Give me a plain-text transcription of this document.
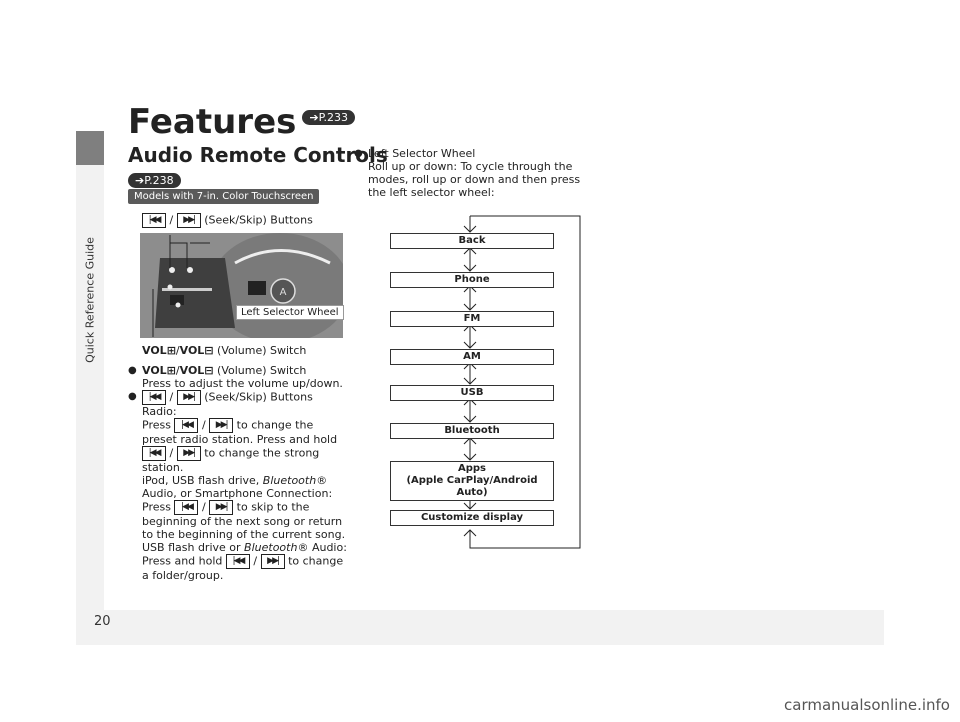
Quick Reference Guide
20
Features ➔P.233
Audio Remote Controls
➔P.238
Models with 7-in. Color Touchscreen
|◀◀ / ▶▶| (Seek/Skip) Buttons
A
Left Selector Wheel
VOL⊞/VOL⊟ (Volume) Switch
● VOL⊞/VOL⊟ (Volume) Switch
Press to adjust the volume up/down.
● |◀◀ / ▶▶| (Seek/Skip) Buttons
Radio:
Press |◀◀ / ▶▶| to change the preset radio station. Press and hold |◀◀ / ▶▶| to change the strong station.
iPod, USB flash drive, Bluetooth® Audio, or Smartphone Connection:
Press |◀◀ / ▶▶| to skip to the beginning of the next song or return to the beginning of the current song.
USB flash drive or Bluetooth® Audio:
Press and hold |◀◀ / ▶▶| to change a folder/group.
● Left Selector Wheel
Roll up or down: To cycle through the modes, roll up or down and then press the left selector wheel:
Back
Phone
FM
AM
USB
Bluetooth
Apps
(Apple CarPlay/Android Auto)
Customize display
carmanualsonline.info
